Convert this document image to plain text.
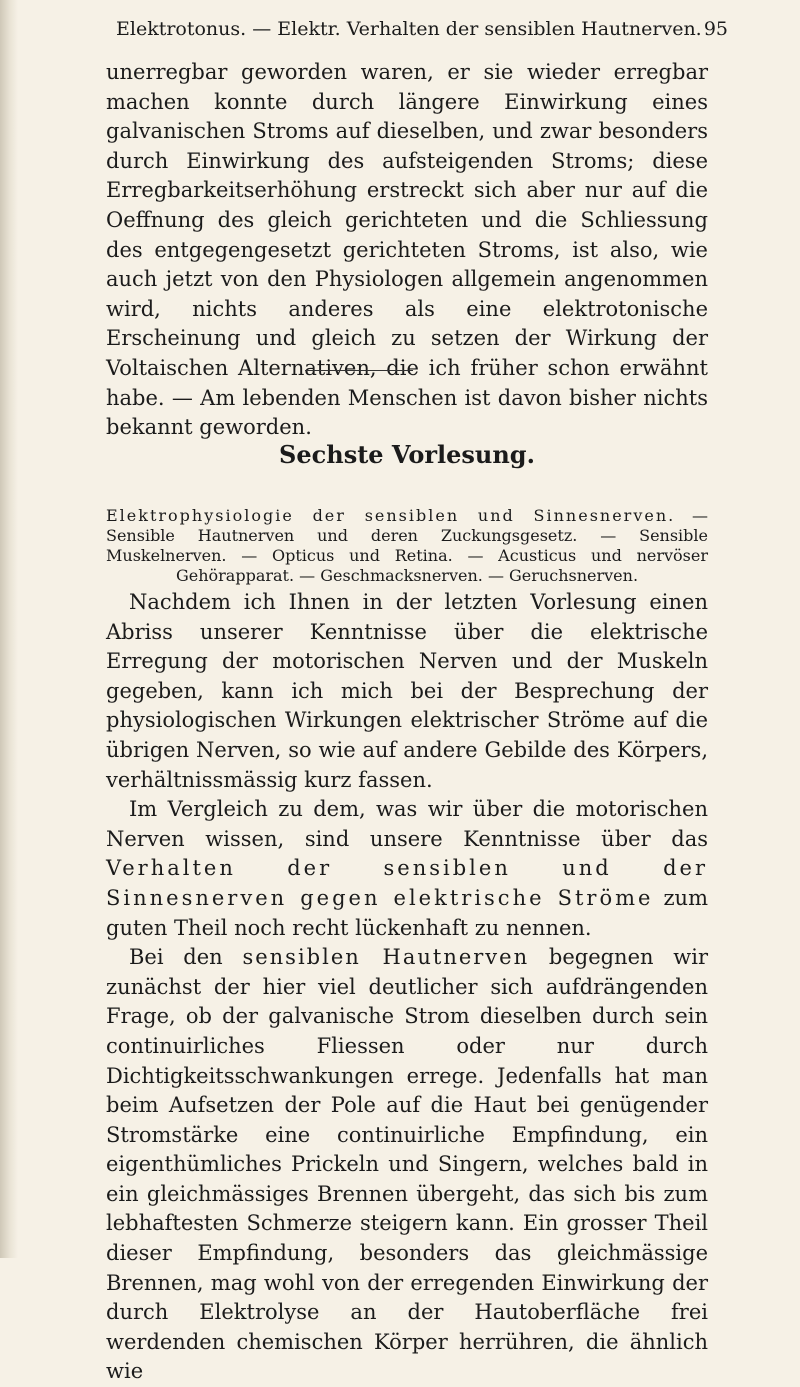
Elektrotonus. — Elektr. Verhalten der sensiblen Hautnerven. 95

unerregbar geworden waren, er sie wieder erregbar machen konnte durch längere Einwirkung eines galvanischen Stroms auf dieselben, und zwar besonders durch Einwirkung des aufsteigenden Stroms; diese Erregbarkeitserhöhung erstreckt sich aber nur auf die Oeffnung des gleich gerichteten und die Schliessung des entgegengesetzt gerichteten Stroms, ist also, wie auch jetzt von den Physiologen allgemein angenommen wird, nichts anderes als eine elektrotonische Erscheinung und gleich zu setzen der Wirkung der Voltaischen Alternativen, die ich früher schon erwähnt habe. — Am lebenden Menschen ist davon bisher nichts bekannt geworden.

Sechste Vorlesung.
Elektrophysiologie der sensiblen und Sinnesnerven. — Sensible Hautnerven und deren Zuckungsgesetz. — Sensible Muskelnerven. — Opticus und Retina. — Acusticus und nervöser Gehörapparat. — Geschmacksnerven. — Geruchsnerven.

Nachdem ich Ihnen in der letzten Vorlesung einen Abriss unserer Kenntnisse über die elektrische Erregung der motorischen Nerven und der Muskeln gegeben, kann ich mich bei der Besprechung der physiologischen Wirkungen elektrischer Ströme auf die übrigen Nerven, so wie auf andere Gebilde des Körpers, verhältnissmässig kurz fassen.

Im Vergleich zu dem, was wir über die motorischen Nerven wissen, sind unsere Kenntnisse über das Verhalten der sensiblen und der Sinnesnerven gegen elektrische Ströme zum guten Theil noch recht lückenhaft zu nennen.

Bei den sensiblen Hautnerven begegnen wir zunächst der hier viel deutlicher sich aufdrängenden Frage, ob der galvanische Strom dieselben durch sein continuirliches Fliessen oder nur durch Dichtigkeitsschwankungen errege. Jedenfalls hat man beim Aufsetzen der Pole auf die Haut bei genügender Stromstärke eine continuirliche Empfindung, ein eigenthümliches Prickeln und Singern, welches bald in ein gleichmässiges Brennen übergeht, das sich bis zum lebhaftesten Schmerze steigern kann. Ein grosser Theil dieser Empfindung, besonders das gleichmässige Brennen, mag wohl von der erregenden Einwirkung der durch Elektrolyse an der Hautoberfläche frei werdenden chemischen Körper herrühren, die ähnlich wie
